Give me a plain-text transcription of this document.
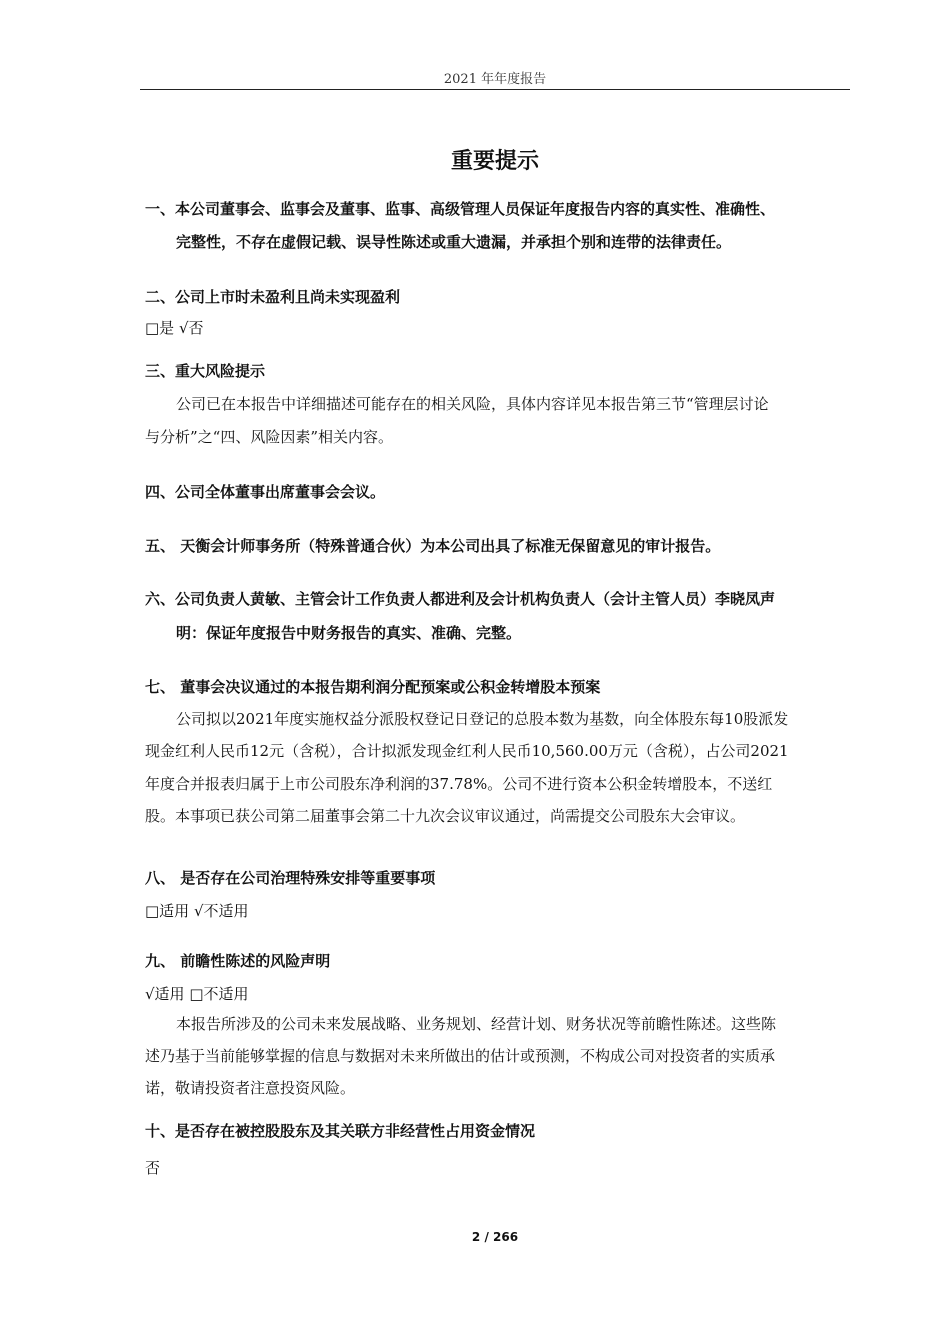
2021 年年度报告
重要提示
一、本公司董事会、监事会及董事、监事、高级管理人员保证年度报告内容的真实性、准确性、
完整性，不存在虚假记载、误导性陈述或重大遗漏，并承担个别和连带的法律责任。
二、公司上市时未盈利且尚未实现盈利
□是 √否
三、重大风险提示
公司已在本报告中详细描述可能存在的相关风险，具体内容详见本报告第三节“管理层讨论
与分析”之“四、风险因素”相关内容。
四、公司全体董事出席董事会会议。
五、 天衡会计师事务所（特殊普通合伙）为本公司出具了标准无保留意见的审计报告。
六、公司负责人黄敏、主管会计工作负责人都进利及会计机构负责人（会计主管人员）李晓凤声
明：保证年度报告中财务报告的真实、准确、完整。
七、 董事会决议通过的本报告期利润分配预案或公积金转增股本预案
公司拟以2021年度实施权益分派股权登记日登记的总股本数为基数，向全体股东每10股派发
现金红利人民币12元（含税），合计拟派发现金红利人民币10,560.00万元（含税），占公司2021
年度合并报表归属于上市公司股东净利润的37.78%。公司不进行资本公积金转增股本，不送红
股。本事项已获公司第二届董事会第二十九次会议审议通过，尚需提交公司股东大会审议。
八、 是否存在公司治理特殊安排等重要事项
□适用 √不适用
九、 前瞻性陈述的风险声明
√适用 □不适用
本报告所涉及的公司未来发展战略、业务规划、经营计划、财务状况等前瞻性陈述。这些陈
述乃基于当前能够掌握的信息与数据对未来所做出的估计或预测，不构成公司对投资者的实质承
诺，敬请投资者注意投资风险。
十、是否存在被控股股东及其关联方非经营性占用资金情况
否
2 / 266
